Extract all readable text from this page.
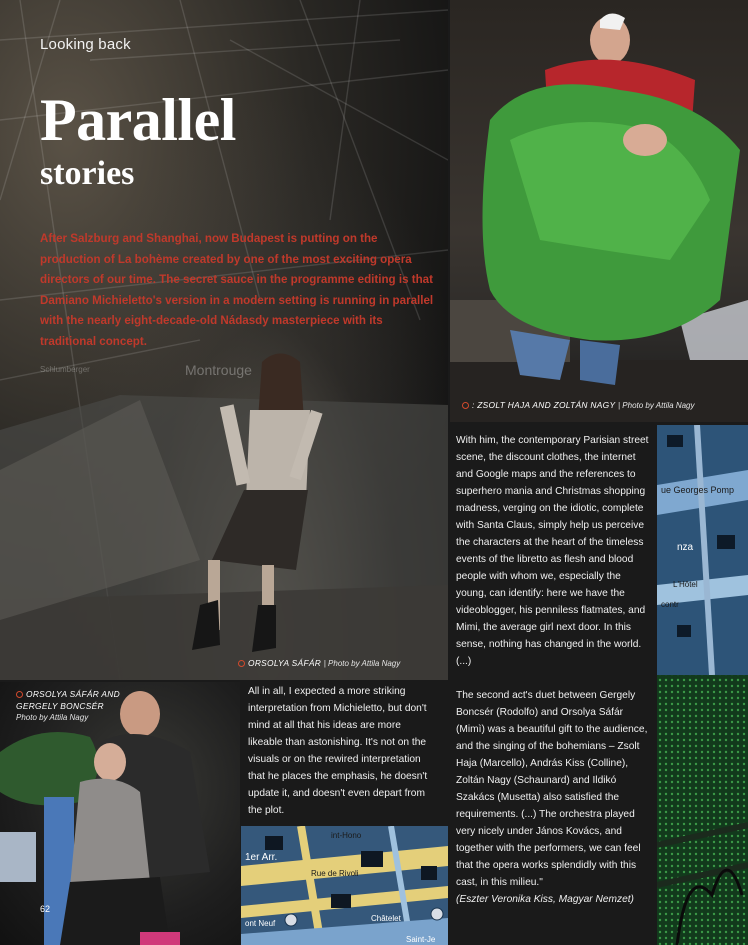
Montrouge
Schlumberger
Looking back
Parallel
stories

After Salzburg and Shanghai, now Budapest is putting on the production of La bohème created by one of the most exciting opera directors of our time. The secret sauce in the programme editing is that Damiano Michieletto's version in a modern setting is running in parallel with the nearly eight-decade-old Nádasdy masterpiece with its traditional concept.

ORSOLYA SÁFÁR | Photo by Attila Nagy
: ZSOLT HAJA AND ZOLTÁN NAGY | Photo by Attila Nagy
ue Georges Pomp
nza
L'Hôtel
contr

With him, the contemporary Parisian street scene, the discount clothes, the internet and Google maps and the references to superhero mania and Christmas shopping madness, verging on the idiotic, complete with Santa Claus, simply help us perceive the characters at the heart of the timeless events of the libretto as flesh and blood people with whom we, especially the young, can identify: here we have the videoblogger, his penniless flatmates, and Mimi, the average girl next door. In this sense, nothing has changed in the world. (...)

The second act's duet between Gergely Boncsér (Rodolfo) and Orsolya Sáfár (Mimì) was a beautiful gift to the audience, and the singing of the bohemians – Zsolt Haja (Marcello), András Kiss (Colline), Zoltán Nagy (Schaunard) and Ildikó Szakács (Musetta) also satisfied the requirements. (...) The orchestra played very nicely under János Kovács, and together with the performers, we can feel that the opera works splendidly with this cast, in this milieu."

(Eszter Veronika Kiss, Magyar Nemzet)
ORSOLYA SÁFÁR AND
GERGELY BONCSÉR
Photo by Attila Nagy
62

All in all, I expected a more striking interpretation from Michieletto, but don't mind at all that his ideas are more likeable than astonishing. It's not on the visuals or on the rewired interpretation that he places the emphasis, he doesn't update it, and doesn't even depart from the plot.

1er Arr.
Rue de Rivoli
ont Neuf
Châtelet
Saint-Je
int-Hono
